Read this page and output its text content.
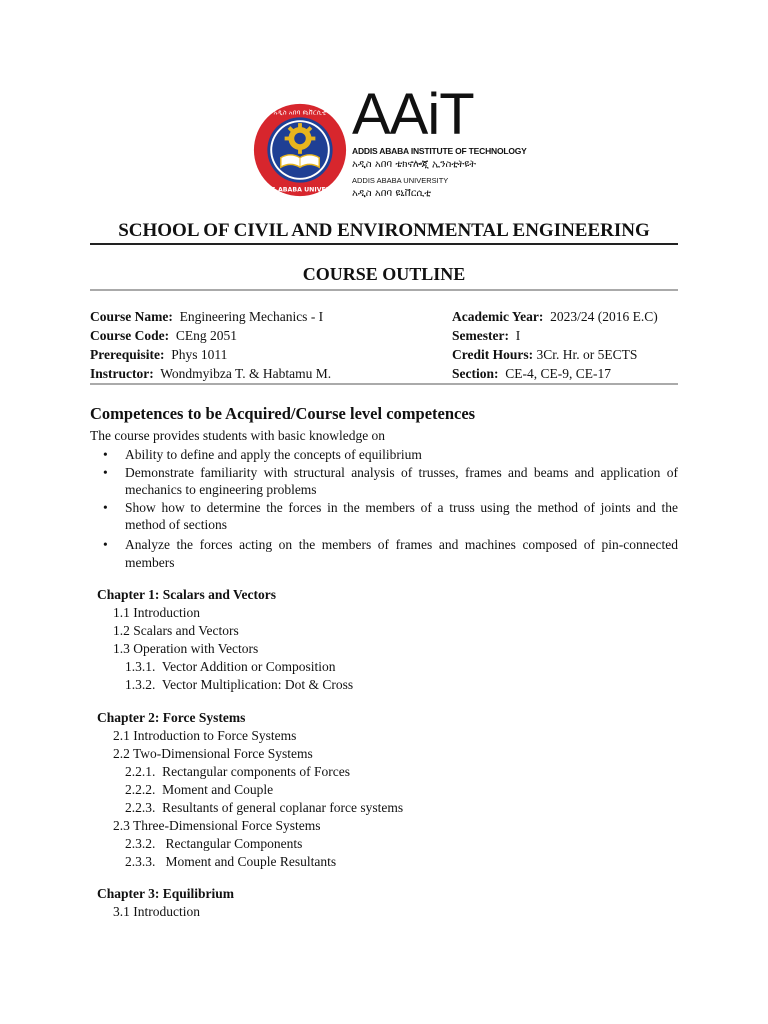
አዲስ አበባ ዩኒቨርሲቲ
ADDIS ABABA UNIVERSITY
AAiT
ADDIS ABABA INSTITUTE OF TECHNOLOGY
አዲስ አበባ ቴክኖሎጂ ኢንስቲትዩት
ADDIS ABABA UNIVERSITY
አዲስ አበባ ዩኒቨርሲቲ
SCHOOL OF CIVIL AND ENVIRONMENTAL ENGINEERING
COURSE OUTLINE
Course Name: Engineering Mechanics - I
Course Code: CEng 2051
Prerequisite: Phys 1011
Instructor: Wondmyibza T. & Habtamu M.
Academic Year: 2023/24 (2016 E.C)
Semester: I
Credit Hours: 3Cr. Hr. or 5ECTS
Section: CE-4, CE-9, CE-17
Competences to be Acquired/Course level competences
The course provides students with basic knowledge on
• Ability to define and apply the concepts of equilibrium
• Demonstrate familiarity with structural analysis of trusses, frames and beams and application of mechanics to engineering problems
• Show how to determine the forces in the members of a truss using the method of joints and the method of sections
• Analyze the forces acting on the members of frames and machines composed of pin-connected members
Chapter 1: Scalars and Vectors
1.1 Introduction
1.2 Scalars and Vectors
1.3 Operation with Vectors
1.3.1.  Vector Addition or Composition
1.3.2.  Vector Multiplication: Dot & Cross
Chapter 2: Force Systems
2.1 Introduction to Force Systems
2.2 Two-Dimensional Force Systems
2.2.1.  Rectangular components of Forces
2.2.2.  Moment and Couple
2.2.3.  Resultants of general coplanar force systems
2.3 Three-Dimensional Force Systems
2.3.2.   Rectangular Components
2.3.3.   Moment and Couple Resultants
Chapter 3: Equilibrium
3.1 Introduction
